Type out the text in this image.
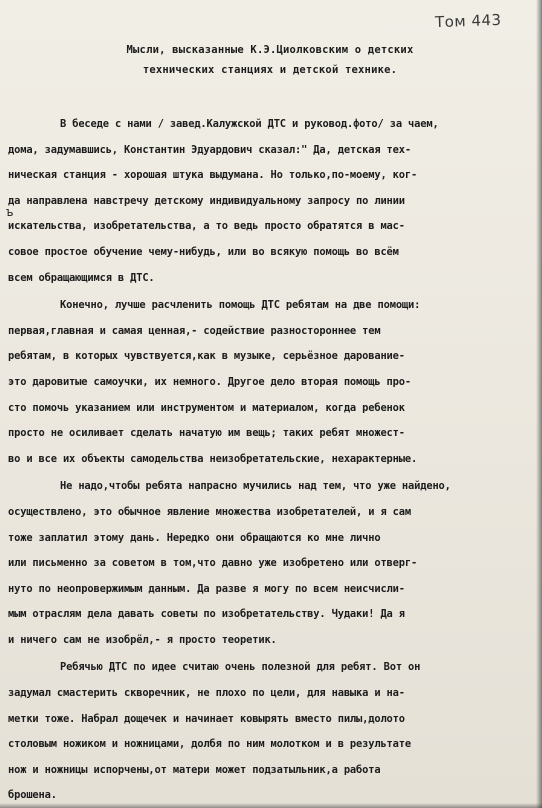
Том 443
Мысли, высказанные К.Э.Циолковским о детских
технических станциях и детской технике.
ъ
В беседе с нами / завед.Калужской ДТС и руковод.фото/ за чаем,
дома, задумавшись, Константин Эдуардович сказал:" Да, детская тех-
ническая станция - хорошая штука выдумана. Но только,по-моему, ког-
да направлена навстречу детскому индивидуальному запросу по линии
искательства, изобретательства, а то ведь просто обратятся в мас-
совое простое обучение чему-нибудь, или во всякую помощь во всём
всем обращающимся в ДТС.
Конечно, лучше расчленить помощь ДТС ребятам на две помощи:
первая,главная и самая ценная,- содействие разностороннее тем
ребятам, в которых чувствуется,как в музыке, серьёзное дарование-
это даровитые самоучки, их немного. Другое дело вторая помощь про-
сто помочь указанием или инструментом и материалом, когда ребенок
просто не осиливает сделать начатую им вещь; таких ребят множест-
во и все их объекты самодельства неизобретательские, нехарактерные.
Не надо,чтобы ребята напрасно мучились над тем, что уже найдено,
осуществлено, это обычное явление множества изобретателей, и я сам
тоже заплатил этому дань. Нередко они обращаются ко мне лично
или письменно за советом в том,что давно уже изобретено или отверг-
нуто по неопровержимым данным. Да разве я могу по всем неисчисли-
мым отраслям дела давать советы по изобретательству. Чудаки! Да я
и ничего сам не изобрёл,- я просто теоретик.
Ребячью ДТС по идее считаю очень полезной для ребят. Вот он
задумал смастерить скворечник, не плохо по цели, для навыка и на-
метки тоже. Набрал дощечек и начинает ковырять вместо пилы,долото
столовым ножиком и ножницами, долбя по ним молотком и в результате
нож и ножницы испорчены,от матери может подзатыльник,а работа
брошена.
